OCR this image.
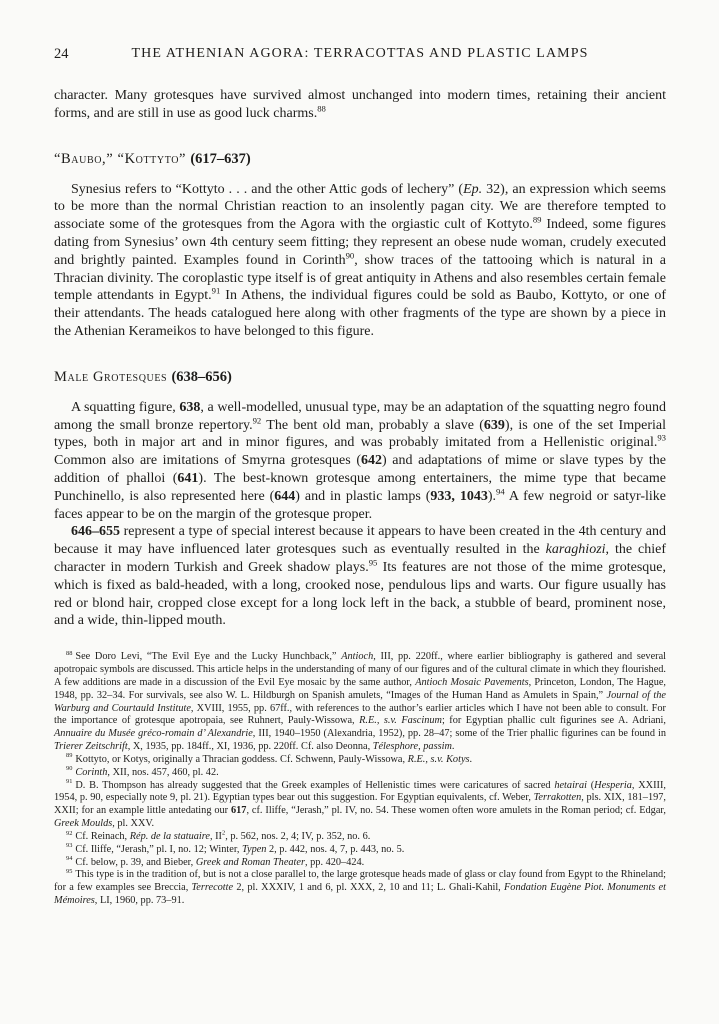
24	THE ATHENIAN AGORA: TERRACOTTAS AND PLASTIC LAMPS

character. Many grotesques have survived almost unchanged into modern times, retaining their ancient forms, and are still in use as good luck charms.$^{88}$

“Baubo,” “Kottyto” (617–637)

Synesius refers to “Kottyto . . . and the other Attic gods of lechery” (Ep. 32), an expression which seems to be more than the normal Christian reaction to an insolently pagan city. We are therefore tempted to associate some of the grotesques from the Agora with the orgiastic cult of Kottyto.$^{89}$ Indeed, some figures dating from Synesius’ own 4th century seem fitting; they represent an obese nude woman, crudely executed and brightly painted. Examples found in Corinth$^{90}$, show traces of the tattooing which is natural in a Thracian divinity. The coroplastic type itself is of great antiquity in Athens and also resembles certain female temple attendants in Egypt.$^{91}$ In Athens, the individual figures could be sold as Baubo, Kottyto, or one of their attendants. The heads catalogued here along with other fragments of the type are shown by a piece in the Athenian Kerameikos to have belonged to this figure.

Male Grotesques (638–656)

A squatting figure, 638, a well-modelled, unusual type, may be an adaptation of the squatting negro found among the small bronze repertory.$^{92}$ The bent old man, probably a slave (639), is one of the set Imperial types, both in major art and in minor figures, and was probably imitated from a Hellenistic original.$^{93}$ Common also are imitations of Smyrna grotesques (642) and adaptations of mime or slave types by the addition of phalloi (641). The best-known grotesque among entertainers, the mime type that became Punchinello, is also represented here (644) and in plastic lamps (933, 1043).$^{94}$ A few negroid or satyr-like faces appear to be on the margin of the grotesque proper.

646–655 represent a type of special interest because it appears to have been created in the 4th century and because it may have influenced later grotesques such as eventually resulted in the karaghiozi, the chief character in modern Turkish and Greek shadow plays.$^{95}$ Its features are not those of the mime grotesque, which is fixed as bald-headed, with a long, crooked nose, pendulous lips and warts. Our figure usually has red or blond hair, cropped close except for a long lock left in the back, a stubble of beard, prominent nose, and a wide, thin-lipped mouth.

$^{88}$ See Doro Levi, “The Evil Eye and the Lucky Hunchback,” Antioch, III, pp. 220ff., where earlier bibliography is gathered and several apotropaic symbols are discussed. This article helps in the understanding of many of our figures and of the cultural climate in which they flourished. A few additions are made in a discussion of the Evil Eye mosaic by the same author, Antioch Mosaic Pavements, Princeton, London, The Hague, 1948, pp. 32–34. For survivals, see also W. L. Hildburgh on Spanish amulets, “Images of the Human Hand as Amulets in Spain,” Journal of the Warburg and Courtauld Institute, XVIII, 1955, pp. 67ff., with references to the author’s earlier articles which I have not been able to consult. For the importance of grotesque apotropaia, see Ruhnert, Pauly-Wissowa, R.E., s.v. Fascinum; for Egyptian phallic cult figurines see A. Adriani, Annuaire du Musée gréco-romain d’ Alexandrie, III, 1940–1950 (Alexandria, 1952), pp. 28–47; some of the Trier phallic figurines can be found in Trierer Zeitschrift, X, 1935, pp. 184ff., XI, 1936, pp. 220ff. Cf. also Deonna, Télesphore, passim.

$^{89}$ Kottyto, or Kotys, originally a Thracian goddess. Cf. Schwenn, Pauly-Wissowa, R.E., s.v. Kotys.

$^{90}$ Corinth, XII, nos. 457, 460, pl. 42.

$^{91}$ D. B. Thompson has already suggested that the Greek examples of Hellenistic times were caricatures of sacred hetairai (Hesperia, XXIII, 1954, p. 90, especially note 9, pl. 21). Egyptian types bear out this suggestion. For Egyptian equivalents, cf. Weber, Terrakotten, pls. XIX, 181–197, XXII; for an example little antedating our 617, cf. Iliffe, “Jerash,” pl. IV, no. 54. These women often wore amulets in the Roman period; cf. Edgar, Greek Moulds, pl. XXV.

$^{92}$ Cf. Reinach, Rép. de la statuaire, $II^2$, p. 562, nos. 2, 4; IV, p. 352, no. 6.

$^{93}$ Cf. Iliffe, “Jerash,” pl. I, no. 12; Winter, Typen 2, p. 442, nos. 4, 7, p. 443, no. 5.

$^{94}$ Cf. below, p. 39, and Bieber, Greek and Roman Theater, pp. 420–424.

$^{95}$ This type is in the tradition of, but is not a close parallel to, the large grotesque heads made of glass or clay found from Egypt to the Rhineland; for a few examples see Breccia, Terrecotte 2, pl. XXXIV, 1 and 6, pl. XXX, 2, 10 and 11; L. Ghali-Kahil, Fondation Eugène Piot. Monuments et Mémoires, LI, 1960, pp. 73–91.
